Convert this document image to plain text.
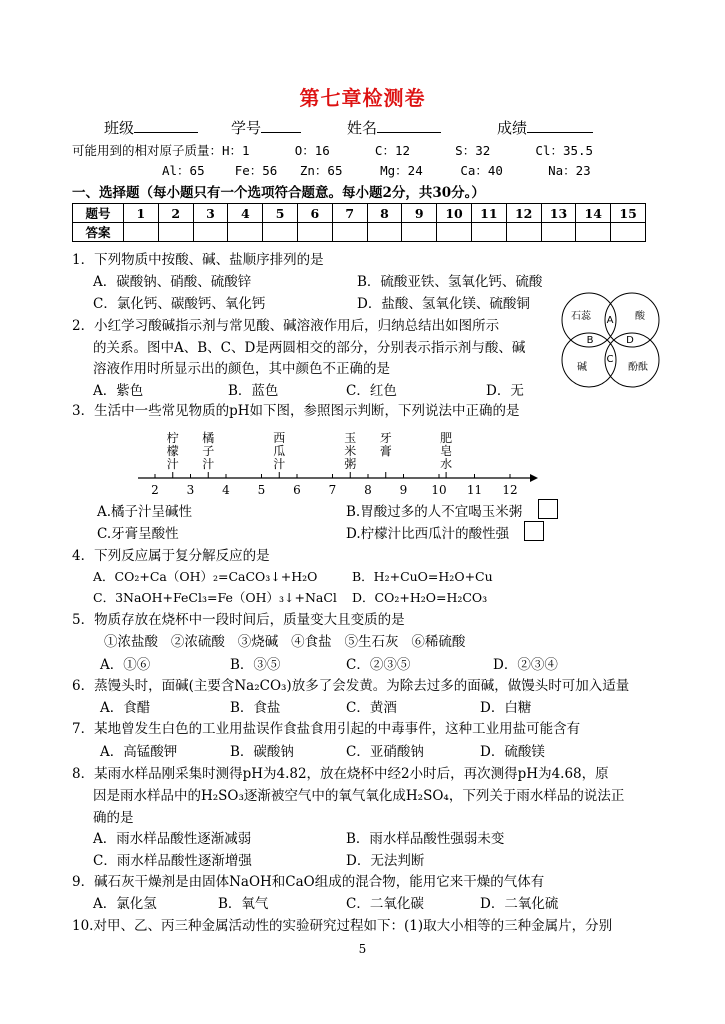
第七章检测卷
班级	学号	姓名	成绩
可能用到的相对原子质量：H：1      O：16      C：12      S：32      Cl：35.5
Al：65    Fe：56   Zn：65     Mg：24     Ca：40      Na：23
一、选择题（每小题只有一个选项符合题意。每小题2分，共30分。）
题号	1	2	3	4	5	6	7	8	9	10	11	12	13	14	15
答案															
1．下列物质中按酸、碱、盐顺序排列的是
A．碳酸钠、硝酸、硫酸锌	B．硫酸亚铁、氢氧化钙、硫酸
C．氯化钙、碳酸钙、氧化钙	D．盐酸、氢氧化镁、硫酸铜
2．小红学习酸碱指示剂与常见酸、碱溶液作用后，归纳总结出如图所示
的关系。图中A、B、C、D是两圆相交的部分，分别表示指示剂与酸、碱
溶液作用时所显示出的颜色，其中颜色不正确的是
A．紫色	B．蓝色	C．红色	D．无
石蕊	酸
碱	酚酞
A
B
C
D
3．生活中一些常见物质的pH如下图，参照图示判断，下列说法中正确的是
柠檬汁
橘子汁
西瓜汁
玉米粥
牙膏
肥皂水
2 3 4 5 6 7 8 9 10 11 12
A.橘子汁呈碱性	B.胃酸过多的人不宜喝玉米粥
C.牙膏呈酸性	D.柠檬汁比西瓜汁的酸性强
4．下列反应属于复分解反应的是
A．CO₂+Ca（OH）₂=CaCO₃↓+H₂O	B．H₂+CuO=H₂O+Cu
C．3NaOH+FeCl₃=Fe（OH）₃↓+NaCl D．CO₂+H₂O=H₂CO₃
5．物质存放在烧杯中一段时间后，质量变大且变质的是
①浓盐酸   ②浓硫酸   ③烧碱   ④食盐   ⑤生石灰   ⑥稀硫酸
A．①⑥	B．③⑤	C．②③⑤	D．②③④
6．蒸馒头时，面碱(主要含Na₂CO₃)放多了会发黄。为除去过多的面碱，做馒头时可加入适量
A．食醋	B．食盐	C．黄酒	D．白糖
7．某地曾发生白色的工业用盐误作食盐食用引起的中毒事件，这种工业用盐可能含有
A．高锰酸钾	B．碳酸钠	C．亚硝酸钠	D．硫酸镁
8．某雨水样品刚采集时测得pH为4.82，放在烧杯中经2小时后，再次测得pH为4.68，原
因是雨水样品中的H₂SO₃逐渐被空气中的氧气氧化成H₂SO₄，下列关于雨水样品的说法正
确的是
A．雨水样品酸性逐渐减弱	B．雨水样品酸性强弱未变
C．雨水样品酸性逐渐增强	D．无法判断
9．碱石灰干燥剂是由固体NaOH和CaO组成的混合物，能用它来干燥的气体有
A．氯化氢	B．氧气	C．二氧化碳	D．二氧化硫
10.对甲、乙、丙三种金属活动性的实验研究过程如下：(1)取大小相等的三种金属片，分别
5
